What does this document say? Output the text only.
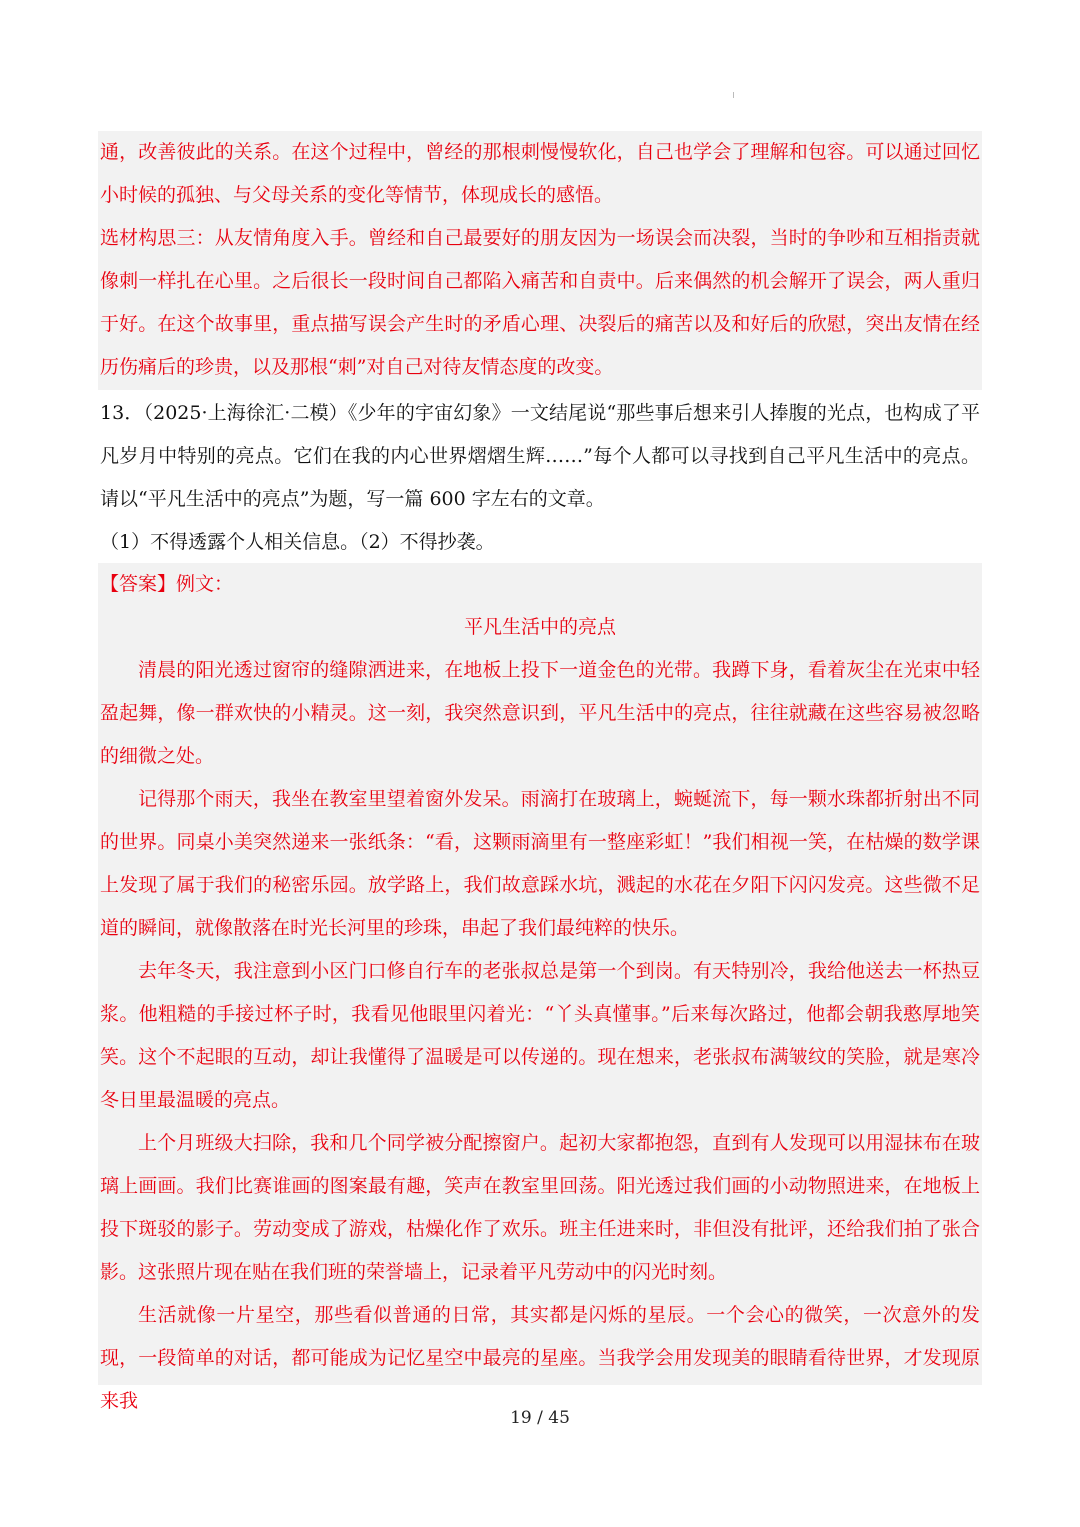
通，改善彼此的关系。在这个过程中，曾经的那根刺慢慢软化，自己也学会了理解和包容。可以通过回忆小时候的孤独、与父母关系的变化等情节，体现成长的感悟。

选材构思三：从友情角度入手。曾经和自己最要好的朋友因为一场误会而决裂，当时的争吵和互相指责就像刺一样扎在心里。之后很长一段时间自己都陷入痛苦和自责中。后来偶然的机会解开了误会，两人重归于好。在这个故事里，重点描写误会产生时的矛盾心理、决裂后的痛苦以及和好后的欣慰，突出友情在经历伤痛后的珍贵，以及那根“刺”对自己对待友情态度的改变。

13．（2025·上海徐汇·二模）《少年的宇宙幻象》一文结尾说“那些事后想来引人捧腹的光点，也构成了平凡岁月中特别的亮点。它们在我的内心世界熠熠生辉……”每个人都可以寻找到自己平凡生活中的亮点。请以“平凡生活中的亮点”为题，写一篇 600 字左右的文章。

（1）不得透露个人相关信息。（2）不得抄袭。

【答案】例文：

平凡生活中的亮点

清晨的阳光透过窗帘的缝隙洒进来，在地板上投下一道金色的光带。我蹲下身，看着灰尘在光束中轻盈起舞，像一群欢快的小精灵。这一刻，我突然意识到，平凡生活中的亮点，往往就藏在这些容易被忽略的细微之处。

记得那个雨天，我坐在教室里望着窗外发呆。雨滴打在玻璃上，蜿蜒流下，每一颗水珠都折射出不同的世界。同桌小美突然递来一张纸条：“看，这颗雨滴里有一整座彩虹！”我们相视一笑，在枯燥的数学课上发现了属于我们的秘密乐园。放学路上，我们故意踩水坑，溅起的水花在夕阳下闪闪发亮。这些微不足道的瞬间，就像散落在时光长河里的珍珠，串起了我们最纯粹的快乐。

去年冬天，我注意到小区门口修自行车的老张叔总是第一个到岗。有天特别冷，我给他送去一杯热豆浆。他粗糙的手接过杯子时，我看见他眼里闪着光：“丫头真懂事。”后来每次路过，他都会朝我憨厚地笑笑。这个不起眼的互动，却让我懂得了温暖是可以传递的。现在想来，老张叔布满皱纹的笑脸，就是寒冷冬日里最温暖的亮点。

上个月班级大扫除，我和几个同学被分配擦窗户。起初大家都抱怨，直到有人发现可以用湿抹布在玻璃上画画。我们比赛谁画的图案最有趣，笑声在教室里回荡。阳光透过我们画的小动物照进来，在地板上投下斑驳的影子。劳动变成了游戏，枯燥化作了欢乐。班主任进来时，非但没有批评，还给我们拍了张合影。这张照片现在贴在我们班的荣誉墙上，记录着平凡劳动中的闪光时刻。

生活就像一片星空，那些看似普通的日常，其实都是闪烁的星辰。一个会心的微笑，一次意外的发现，一段简单的对话，都可能成为记忆星空中最亮的星座。当我学会用发现美的眼睛看待世界，才发现原来我

19 / 45
